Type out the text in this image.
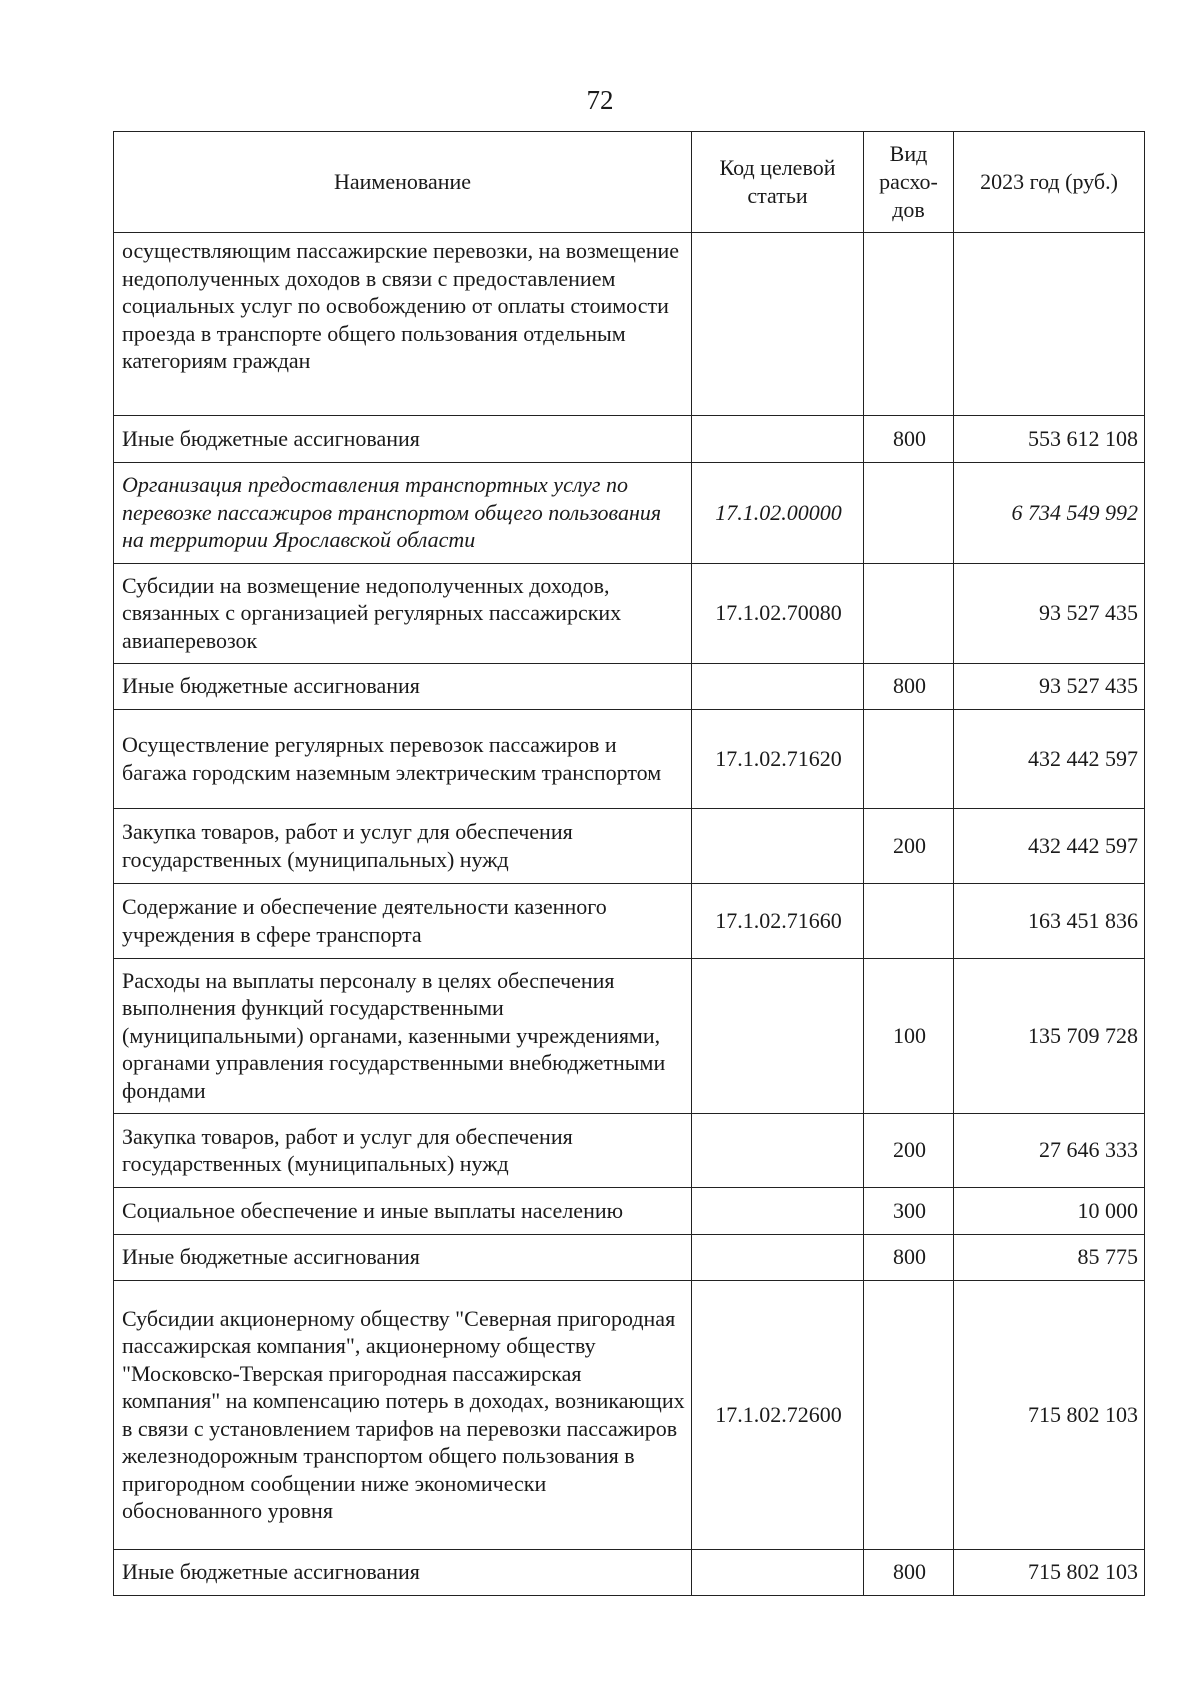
72
Наименование	Код целевой статьи	Вид расхо-дов	2023 год (руб.)
осуществляющим пассажирские перевозки, на возмещение недополученных доходов в связи с предоставлением социальных услуг по освобождению от оплаты стоимости проезда в транспорте общего пользования отдельным категориям граждан			
Иные бюджетные ассигнования		800	553 612 108
Организация предоставления транспортных услуг по перевозке пассажиров транспортом общего пользования на территории Ярославской области	17.1.02.00000		6 734 549 992
Субсидии на возмещение недополученных доходов, связанных с организацией регулярных пассажирских авиаперевозок	17.1.02.70080		93 527 435
Иные бюджетные ассигнования		800	93 527 435
Осуществление регулярных перевозок пассажиров и багажа городским наземным электрическим транспортом	17.1.02.71620		432 442 597
Закупка товаров, работ и услуг для обеспечения государственных (муниципальных) нужд		200	432 442 597
Содержание и обеспечение деятельности казенного учреждения в сфере транспорта	17.1.02.71660		163 451 836
Расходы на выплаты персоналу в целях обеспечения выполнения функций государственными (муниципальными) органами, казенными учреждениями, органами управления государственными внебюджетными фондами		100	135 709 728
Закупка товаров, работ и услуг для обеспечения государственных (муниципальных) нужд		200	27 646 333
Социальное обеспечение и иные выплаты населению		300	10 000
Иные бюджетные ассигнования		800	85 775
Субсидии акционерному обществу "Северная пригородная пассажирская компания", акционерному обществу "Московско-Тверская пригородная пассажирская компания" на компенсацию потерь в доходах, возникающих в связи с установлением тарифов на перевозки пассажиров железнодорожным транспортом общего пользования в пригородном сообщении ниже экономически обоснованного уровня	17.1.02.72600		715 802 103
Иные бюджетные ассигнования		800	715 802 103
